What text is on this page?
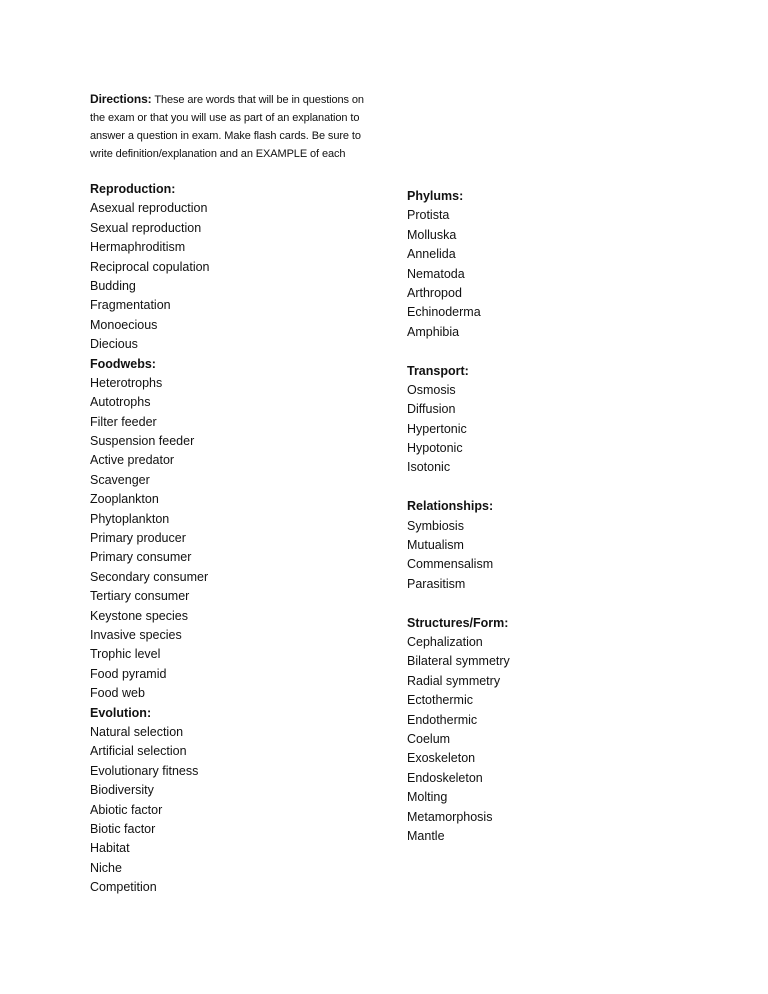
Directions: These are words that will be in questions on the exam or that you will use as part of an explanation to answer a question in exam. Make flash cards. Be sure to write definition/explanation and an EXAMPLE of each
Reproduction:
Asexual reproduction
Sexual reproduction
Hermaphroditism
Reciprocal copulation
Budding
Fragmentation
Monoecious
Diecious
Foodwebs:
Heterotrophs
Autotrophs
Filter feeder
Suspension feeder
Active predator
Scavenger
Zooplankton
Phytoplankton
Primary producer
Primary consumer
Secondary consumer
Tertiary consumer
Keystone species
Invasive species
Trophic level
Food pyramid
Food web
Evolution:
Natural selection
Artificial selection
Evolutionary fitness
Biodiversity
Abiotic factor
Biotic factor
Habitat
Niche
Competition
Phylums:
Protista
Molluska
Annelida
Nematoda
Arthropod
Echinoderma
Amphibia
Transport:
Osmosis
Diffusion
Hypertonic
Hypotonic
Isotonic
Relationships:
Symbiosis
Mutualism
Commensalism
Parasitism
Structures/Form:
Cephalization
Bilateral symmetry
Radial symmetry
Ectothermic
Endothermic
Coelum
Exoskeleton
Endoskeleton
Molting
Metamorphosis
Mantle
